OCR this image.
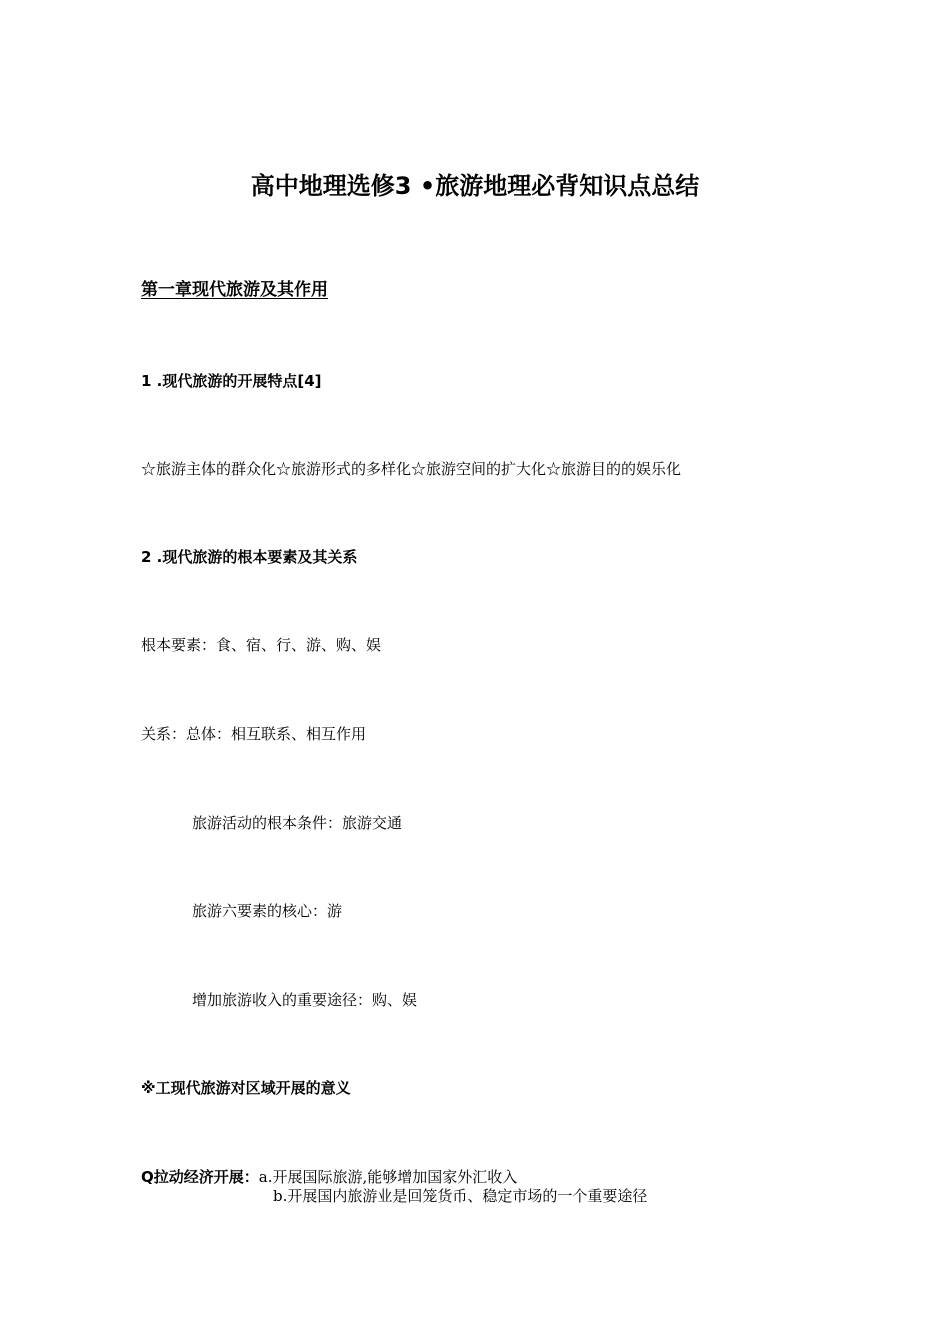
高中地理选修3 •旅游地理必背知识点总结
第一章现代旅游及其作用
1 .现代旅游的开展特点[4]
☆旅游主体的群众化☆旅游形式的多样化☆旅游空间的扩大化☆旅游目的的娱乐化
2 .现代旅游的根本要素及其关系
根本要素：食、宿、行、游、购、娱
关系：总体：相互联系、相互作用
旅游活动的根本条件：旅游交通
旅游六要素的核心：游
增加旅游收入的重要途径：购、娱
※工现代旅游对区域开展的意义
Q拉动经济开展：a.开展国际旅游,能够增加国家外汇收入
b.开展国内旅游业是回笼货币、稳定市场的一个重要途径
